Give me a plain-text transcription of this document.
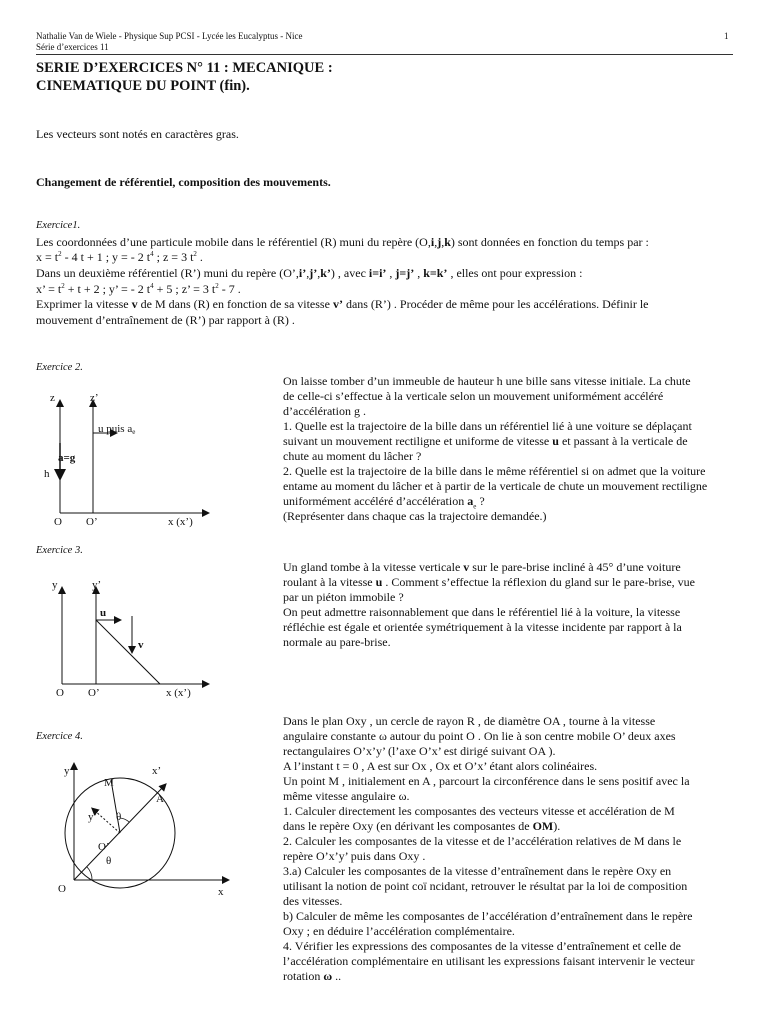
Nathalie Van de Wiele - Physique Sup PCSI - Lycée les Eucalyptus - Nice
Série d’exercices 11
1
SERIE D’EXERCICES N° 11 : MECANIQUE :
CINEMATIQUE DU POINT (fin).
Les vecteurs sont notés en caractères gras.
Changement de référentiel, composition des mouvements.
Exercice1.
Les coordonnées d’une particule mobile dans le référentiel (R) muni du repère (O,i,j,k) sont données en fonction du temps par :
$x = t^2 - 4$ t + 1 ; y = - 2 $t^4$ ; z = 3 $t^2$ .
Dans un deuxième référentiel (R’) muni du repère (O’,i’,j’,k’) , avec i=i’ , j=j’ , k=k’ , elles ont pour expression :
x’ = $t^2 + t + 2$ ; y’ = - 2 $t^4 + 5$ ; z’ = 3 $t^2 - 7$ .
Exprimer la vitesse v de M dans (R) en fonction de sa vitesse v’ dans (R’) . Procéder de même pour les accélérations. Définir le
mouvement d’entraînement de (R’) par rapport à (R) .
Exercice 2.
On laisse tomber d’un immeuble de hauteur h une bille sans vitesse initiale. La chute
de celle-ci s’effectue à la verticale selon un mouvement uniformément accéléré
d’accélération g .
1. Quelle est la trajectoire de la bille dans un référentiel lié à une voiture se déplaçant
suivant un mouvement rectiligne et uniforme de vitesse u et passant à la verticale de
chute au moment du lâcher ?
2. Quelle est la trajectoire de la bille dans le même référentiel si on admet que la voiture
entame au moment du lâcher et à partir de la verticale de chute un mouvement rectiligne
uniformément accéléré d’accélération $a_e$ ?
(Représenter dans chaque cas la trajectoire demandée.)
z	z’
h
a=g
u puis ae
O O’	x (x’)
Exercice 3.
Un gland tombe à la vitesse verticale v sur le pare-brise incliné à 45° d’une voiture
roulant à la vitesse u . Comment s’effectue la réflexion du gland sur le pare-brise, vue
par un piéton immobile ?
On peut admettre raisonnablement que dans le référentiel lié à la voiture, la vitesse
réfléchie est égale et orientée symétriquement à la vitesse incidente par rapport à la
normale au pare-brise.
y	y’
u
v
O O’	x (x’)
Exercice 4.
Dans le plan Oxy , un cercle de rayon R , de diamètre OA , tourne à la vitesse
angulaire constante ω autour du point O . On lie à son centre mobile O’ deux axes
rectangulaires O’x’y’ (l’axe O’x’ est dirigé suivant OA ).
A l’instant t = 0 , A est sur Ox , Ox et O’x’ étant alors colinéaires.
Un point M , initialement en A , parcourt la circonférence dans le sens positif avec la
même vitesse angulaire ω.
1. Calculer directement les composantes des vecteurs vitesse et accélération de M
dans le repère Oxy (en dérivant les composantes de OM).
2. Calculer les composantes de la vitesse et de l’accélération relatives de M dans le
repère O’x’y’ puis dans Oxy .
3.a) Calculer les composantes de la vitesse d’entraînement dans le repère Oxy en
utilisant la notion de point coï ncidant, retrouver le résultat par la loi de composition
des vitesses.
b) Calculer de même les composantes de l’accélération d’entraînement dans le repère
Oxy ; en déduire l’accélération complémentaire.
4. Vérifier les expressions des composantes de la vitesse d’entraînement et celle de
l’accélération complémentaire en utilisant les expressions faisant intervenir le vecteur
rotation ω ..
y	x’
M
A
y’ θ
O’
θ
O	x
